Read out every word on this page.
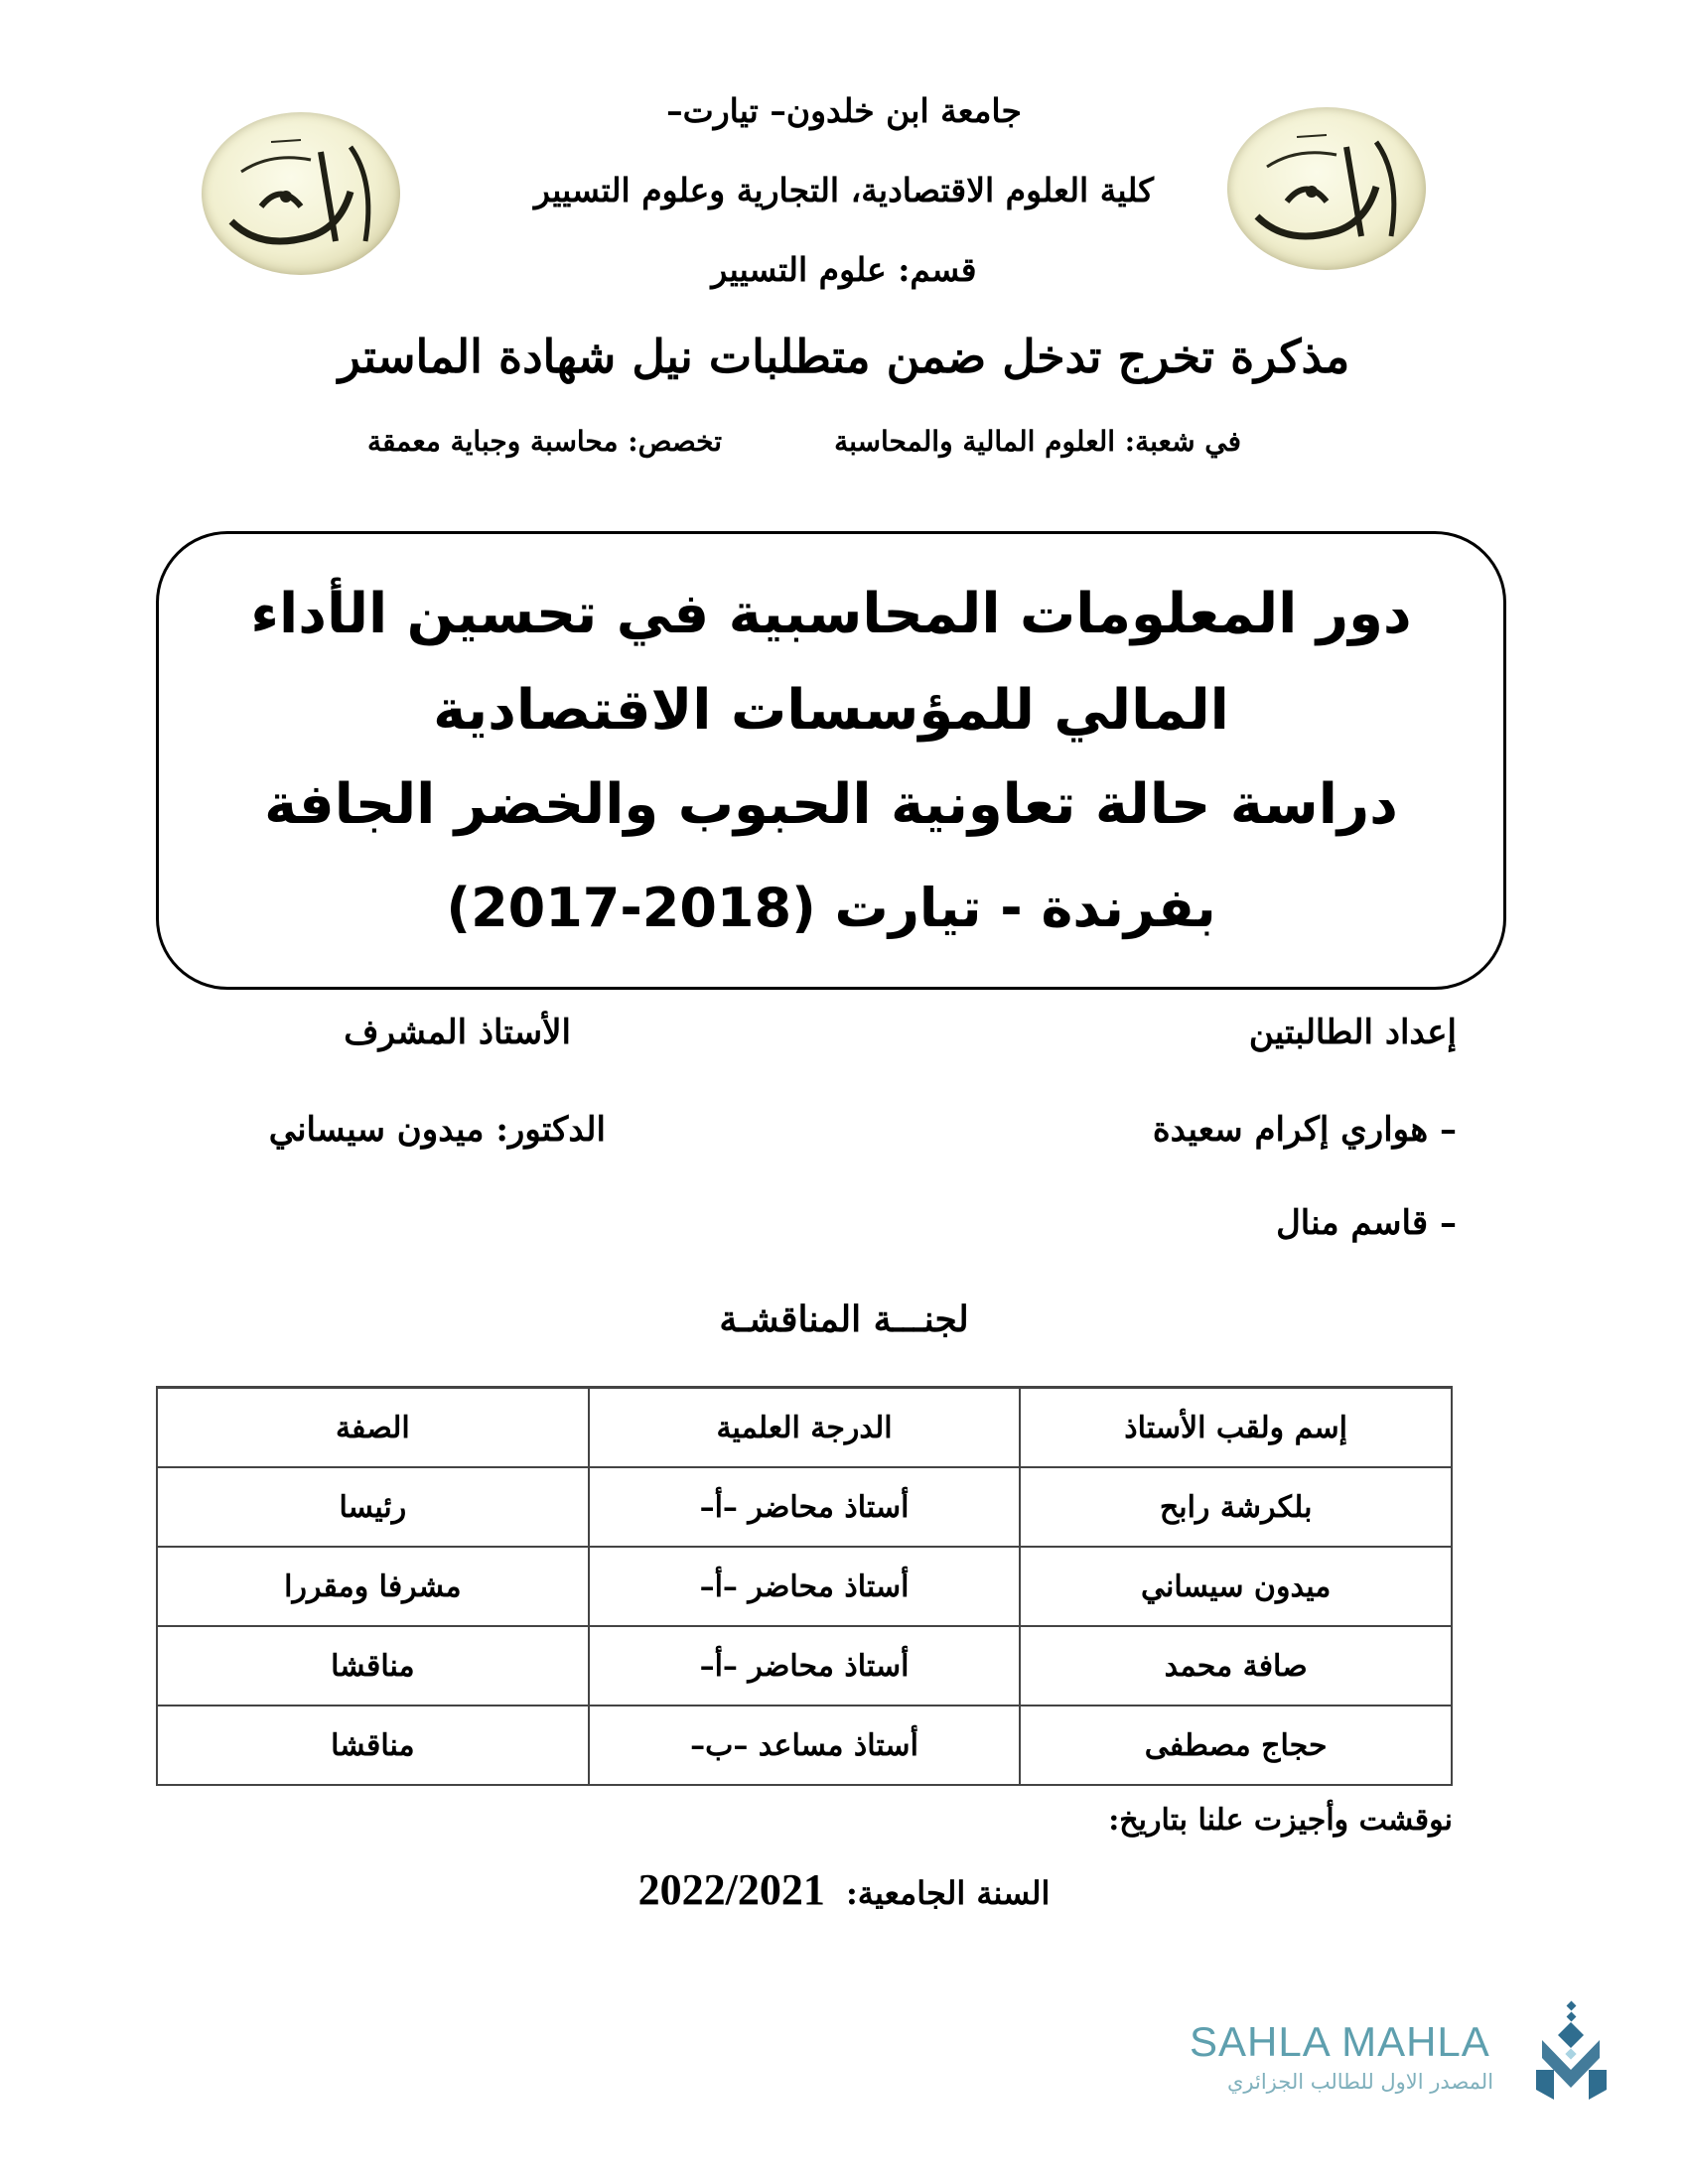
جامعة ابن خلدون– تيارت–
كلية العلوم الاقتصادية، التجارية وعلوم التسيير
قسم: علوم التسيير
مذكرة تخرج تدخل ضمن متطلبات نيل شهادة الماستر
في شعبة: العلوم المالية والمحاسبة
تخصص: محاسبة وجباية معمقة
دور المعلومات المحاسبية في تحسين الأداء
المالي للمؤسسات الاقتصادية
دراسة حالة تعاونية الحبوب والخضر الجافة
بفرندة - تيارت (2018-2017)
إعداد الطالبتين
الأستاذ المشرف
– هواري إكرام سعيدة
الدكتور: ميدون سيساني
– قاسم منال
لجنـــة المناقشـة
إسم ولقب الأستاذ	الدرجة العلمية	الصفة
بلكرشة رابح	أستاذ محاضر –أ–	رئيسا
ميدون سيساني	أستاذ محاضر –أ–	مشرفا ومقررا
صافة محمد	أستاذ محاضر –أ–	مناقشا
حجاج مصطفى	أستاذ مساعد –ب–	مناقشا
نوقشت وأجيزت علنا بتاريخ:
السنة الجامعية: 2022/2021
SAHLA MAHLA
المصدر الاول للطالب الجزائري
